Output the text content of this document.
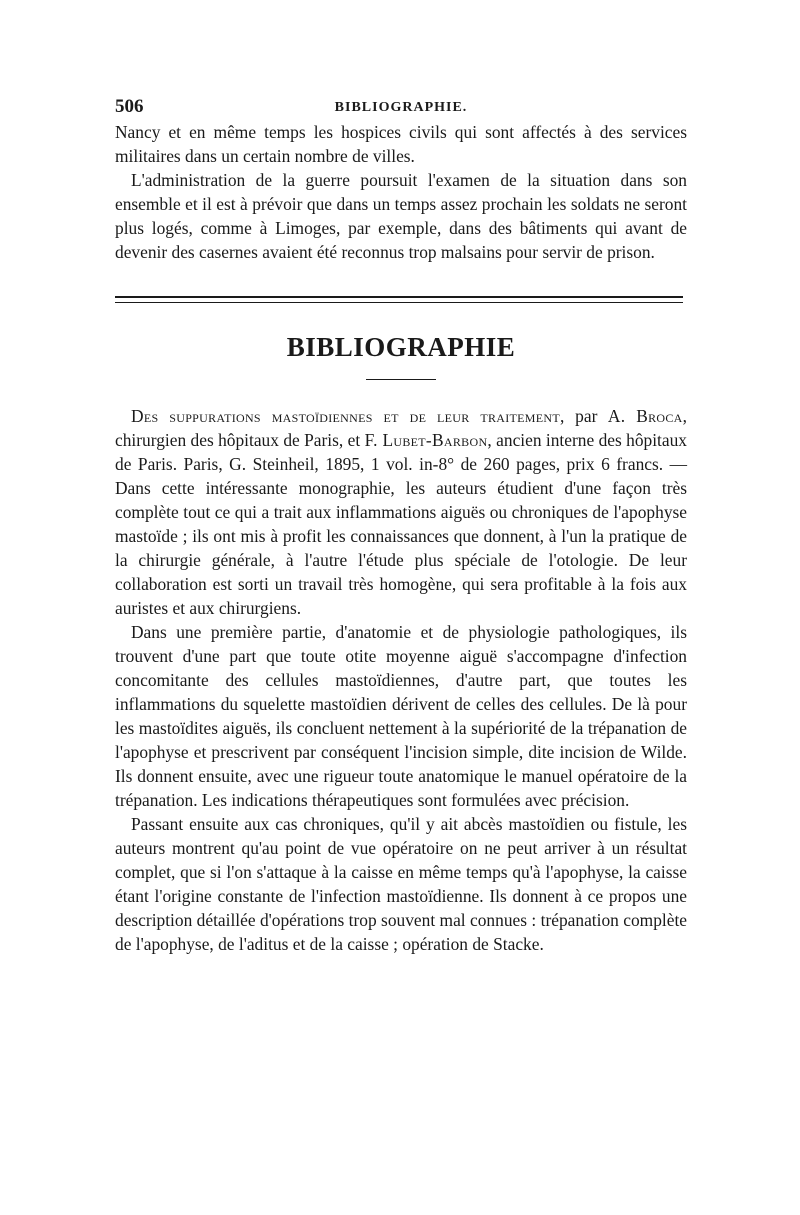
506	BIBLIOGRAPHIE.

Nancy et en même temps les hospices civils qui sont affectés à des services militaires dans un certain nombre de villes.

L'administration de la guerre poursuit l'examen de la situation dans son ensemble et il est à prévoir que dans un temps assez prochain les soldats ne seront plus logés, comme à Limoges, par exemple, dans des bâtiments qui avant de devenir des casernes avaient été reconnus trop malsains pour servir de prison.

BIBLIOGRAPHIE

Des suppurations mastoïdiennes et de leur traitement, par A. Broca, chirurgien des hôpitaux de Paris, et F. Lubet-Barbon, ancien interne des hôpitaux de Paris. Paris, G. Steinheil, 1895, 1 vol. in-8° de 260 pages, prix 6 francs. — Dans cette intéressante monographie, les auteurs étudient d'une façon très complète tout ce qui a trait aux inflammations aiguës ou chroniques de l'apophyse mastoïde ; ils ont mis à profit les connaissances que donnent, à l'un la pratique de la chirurgie générale, à l'autre l'étude plus spéciale de l'otologie. De leur collaboration est sorti un travail très homogène, qui sera profitable à la fois aux auristes et aux chirurgiens.

Dans une première partie, d'anatomie et de physiologie pathologiques, ils trouvent d'une part que toute otite moyenne aiguë s'accompagne d'infection concomitante des cellules mastoïdiennes, d'autre part, que toutes les inflammations du squelette mastoïdien dérivent de celles des cellules. De là pour les mastoïdites aiguës, ils concluent nettement à la supériorité de la trépanation de l'apophyse et prescrivent par conséquent l'incision simple, dite incision de Wilde. Ils donnent ensuite, avec une rigueur toute anatomique le manuel opératoire de la trépanation. Les indications thérapeutiques sont formulées avec précision.

Passant ensuite aux cas chroniques, qu'il y ait abcès mastoïdien ou fistule, les auteurs montrent qu'au point de vue opératoire on ne peut arriver à un résultat complet, que si l'on s'attaque à la caisse en même temps qu'à l'apophyse, la caisse étant l'origine constante de l'infection mastoïdienne. Ils donnent à ce propos une description détaillée d'opérations trop souvent mal connues : trépanation complète de l'apophyse, de l'aditus et de la caisse ; opération de Stacke.
